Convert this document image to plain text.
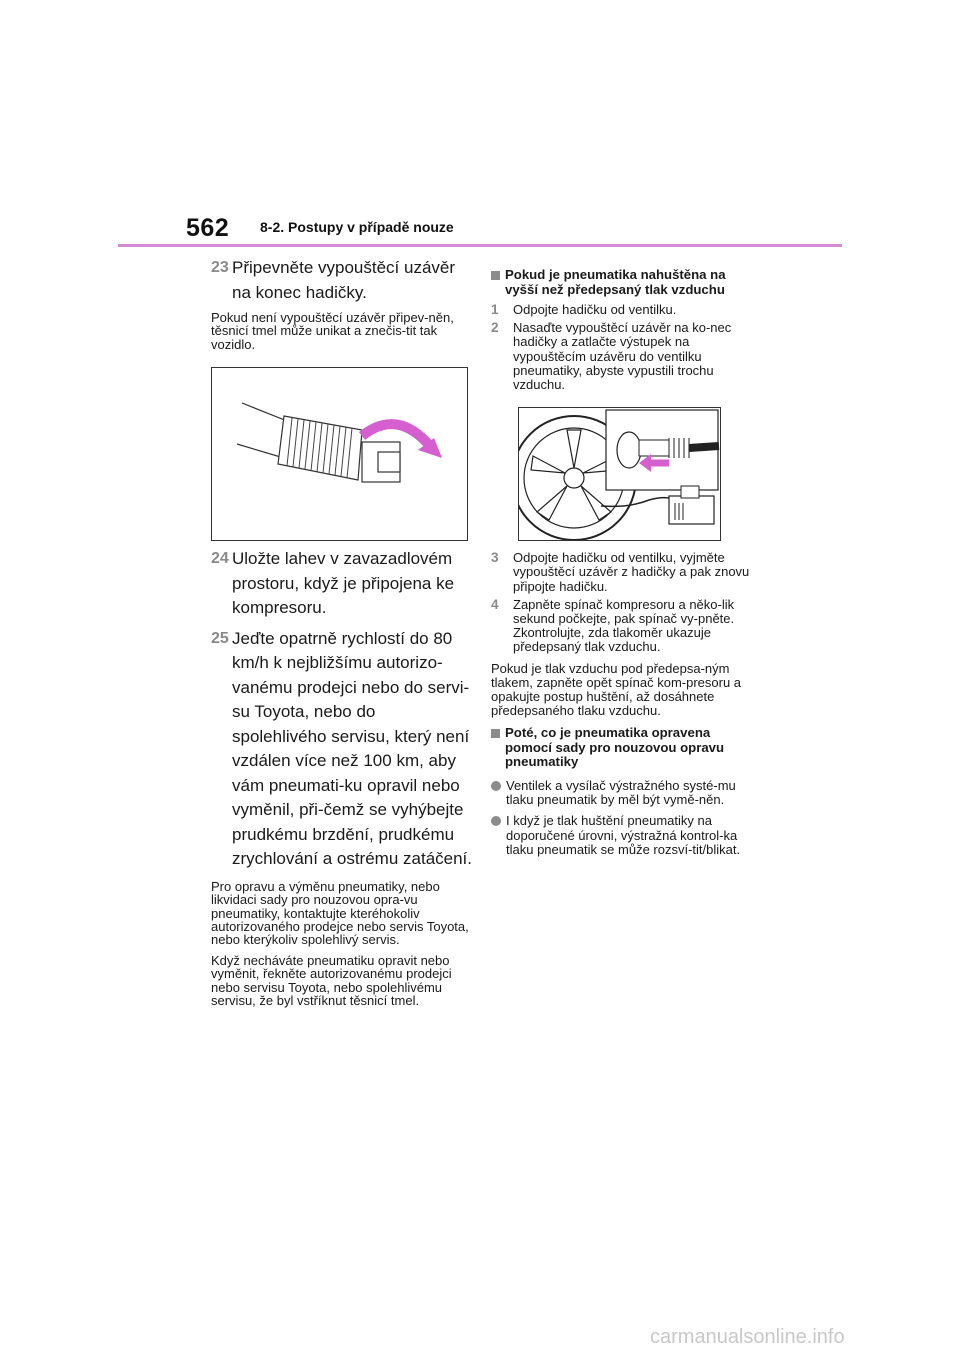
562 8-2. Postupy v případě nouze
23 Připevněte vypouštěcí uzávěr na konec hadičky.
Pokud není vypouštěcí uzávěr připev-něn, těsnicí tmel může unikat a znečis-tit tak vozidlo.
24 Uložte lahev v zavazadlovém prostoru, když je připojena ke kompresoru.
25 Jeďte opatrně rychlostí do 80 km/h k nejbližšímu autorizo-vanému prodejci nebo do servi-su Toyota, nebo do spolehlivého servisu, který není vzdálen více než 100 km, aby vám pneumati-ku opravil nebo vyměnil, při-čemž se vyhýbejte prudkému brzdění, prudkému zrychlování a ostrému zatáčení.
Pro opravu a výměnu pneumatiky, nebo likvidaci sady pro nouzovou opra-vu pneumatiky, kontaktujte kteréhokoliv autorizovaného prodejce nebo servis Toyota, nebo kterýkoliv spolehlivý servis.
Když necháváte pneumatiku opravit nebo vyměnit, řekněte autorizovanému prodejci nebo servisu Toyota, nebo spolehlivému servisu, že byl vstříknut těsnicí tmel.
Pokud je pneumatika nahuštěna na vyšší než předepsaný tlak vzduchu
1 Odpojte hadičku od ventilku.
2 Nasaďte vypouštěcí uzávěr na ko-nec hadičky a zatlačte výstupek na vypouštěcím uzávěru do ventilku pneumatiky, abyste vypustili trochu vzduchu.
3 Odpojte hadičku od ventilku, vyjměte vypouštěcí uzávěr z hadičky a pak znovu připojte hadičku.
4 Zapněte spínač kompresoru a něko-lik sekund počkejte, pak spínač vy-pněte. Zkontrolujte, zda tlakoměr ukazuje předepsaný tlak vzduchu.
Pokud je tlak vzduchu pod předepsa-ným tlakem, zapněte opět spínač kom-presoru a opakujte postup huštění, až dosáhnete předepsaného tlaku vzduchu.
Poté, co je pneumatika opravena pomocí sady pro nouzovou opravu pneumatiky
Ventilek a vysílač výstražného systé-mu tlaku pneumatik by měl být vymě-něn.
I když je tlak huštění pneumatiky na doporučené úrovni, výstražná kontrol-ka tlaku pneumatik se může rozsví-tit/blikat.
carmanualsonline.info
